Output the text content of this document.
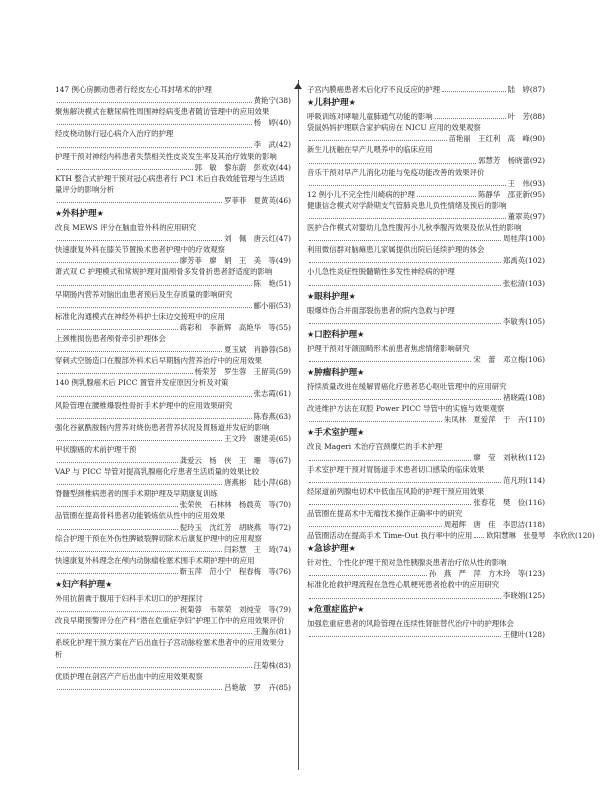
147 例心房颤动患者行经皮左心耳封堵术的护理
黄艳宁(38)
聚焦解决模式在糖尿病性周围神经病变患者随访管理中的应用效果
杨　婷(40)
经皮桡动脉行冠心病介入治疗的护理
李　武(42)
护理干预对神经内科患者失禁相关性皮炎发生率及其治疗效果的影响
郭　敏　黎东蔚　彭欢欢(44)
KTH 整合式护理干预对冠心病患者行 PCI 术后自我效能管理与生活质量评分的影响分析
罗菲菲　夏黄英(46)
★外科护理★
改良 MEWS 评分在脑血管外科的应用研究
刘　佩　唐云红(47)
快速康复外科在膝关节置换术患者护理中的疗效观察
廖芳菲　廖　娟　王　美　等(49)
萧式双 C 护理模式和常规护理对面颅骨多发骨折患者舒适度的影响
陈　艳(51)
早期肠内营养对脑出血患者预后及生存质量的影响研究
郦小丽(53)
标准化沟通模式在神经外科护士床边交接班中的应用
蒋彩和　李新辉　高艳华　等(55)
上颈椎损伤患者颅骨牵引护理体会
夏玉斌　肖静蓉(58)
穿刺式空肠造口在腹部外科术后早期肠内营养治疗中的应用效果
杨荣芳　罗生蓉　王留英(59)
140 例乳腺癌术后 PICC 置管并发症原因分析及对策
张志霞(61)
风险管理在腰椎爆裂性骨折手术护理中的应用效果研究
陈春燕(63)
强化谷氨酰胺肠内营养对烧伤患者营养状况及胃肠道并发症的影响
王文玲　谢建美(65)
甲状腺癌的术前护理干预
龚爱云　杨　侠　王　珊　等(67)
VAP 与 PICC 导管对提高乳腺癌化疗患者生活质量的效果比较
唐燕彬　陆小萍(68)
脊髓型颈椎病患者的围手术期护理及早期康复训练
张荣侠　石林林　杨晨英　等(70)
品管圈在提高骨科患者功能锻炼依从性中的应用效果
倪玲玉　沈红芳　胡晓燕　等(72)
综合护理干预在外伤性脾破裂脾切除术后康复护理中的应用观察
闫彩慧　王　琦(74)
快速康复外科理念在颅内动脉瘤栓塞术围手术期护理中的应用
靳玉萍　范小宁　程春梅　等(76)
★妇产科护理★
外用抗菌膏于腹用于妇科手术切口的护理探讨
祝菊蓉　韦翠荣　刘纯莹　等(79)
改良早期预警评分在产科“潜在危重症孕妇”护理工作中的应用效果评价
王瀚东(81)
系统化护理干预方案在产后出血行子宫动脉栓塞术患者中的应用效果分析
汪菊株(83)
优质护理在剖宫产产后出血中的应用效果观察
吕艳敏　罗　卉(85)
子宫内膜癌患者术后化疗不良反应的护理	陆　婷(87)
★儿科护理★
呼吸训练对哮喘儿童肺通气功能的影响	叶　芳(88)
袋鼠妈妈护理联合家护病房在 NICU 应用的效果观察
苗艳丽　王红利　高　峰(90)
新生儿抚触在早产儿喂养中的临床应用
郭慧芳　杨晓蕾(92)
音乐干预对早产儿消化功能与免疫功能改善的效果评价
王　伟(93)
12 例小儿不完全性川崎病的护理	陈静华　邵亚新(95)
健康信念模式对学龄期支气管肺炎患儿负性情绪及预后的影响
董翠英(97)
医护合作模式对婴幼儿急性腹泻小儿秋季腹泻效果及依从性的影响
周桂萍(100)
利用微信群对脑瘫患儿家属提供出院后延续护理的体会
郑禹英(102)
小儿急性炎症性脱髓鞘性多发性神经病的护理
张松清(103)
★眼科护理★
眼爆炸伤合并面部裂伤患者的院内急救与护理
李敏秀(105)
★口腔科护理★
护理干预对牙颌面畸形术前患者焦虑情绪影响研究
宋　蕾　邓立梅(106)
★肿瘤科护理★
持续质量改进在缓解胃癌化疗患者恶心呕吐管理中的应用研究
褚晓霞(108)
改进维护方法在双腔 Power PICC 导管中的实施与效果观察
朱凤林　夏爱萍　于　卉(110)
★手术室护理★
改良 Mageri 术治疗宫颈糜烂的手术护理
廖　莹　刘秋秋(112)
手术室护理干预对胃肠道手术患者切口感染的临床效果
范凡玥(114)
经尿道前列腺电切术中低血压风险的护理干预应用效果
张春花　樊　俭(116)
品管圈在提高术中无瘤技术操作正确率中的研究
周超辉　唐　佳　李思洁(118)
品管圈活动在提高手术 Time-Out 执行率中的应用 欧阳慧琳　张曼琴　李欣欣(120)
★急诊护理★
针对性、个性化护理干预对急性胰腺炎患者治疗依从性的影响
孙　燕　严　萍　方木玲　等(123)
标准化抢救护理流程在急性心肌梗死患者抢救中的应用研究
李晓娟(125)
★危重症监护★
加强危重症患者的风险管理在连续性肾脏替代治疗中的护理体会
王健叶(128)
